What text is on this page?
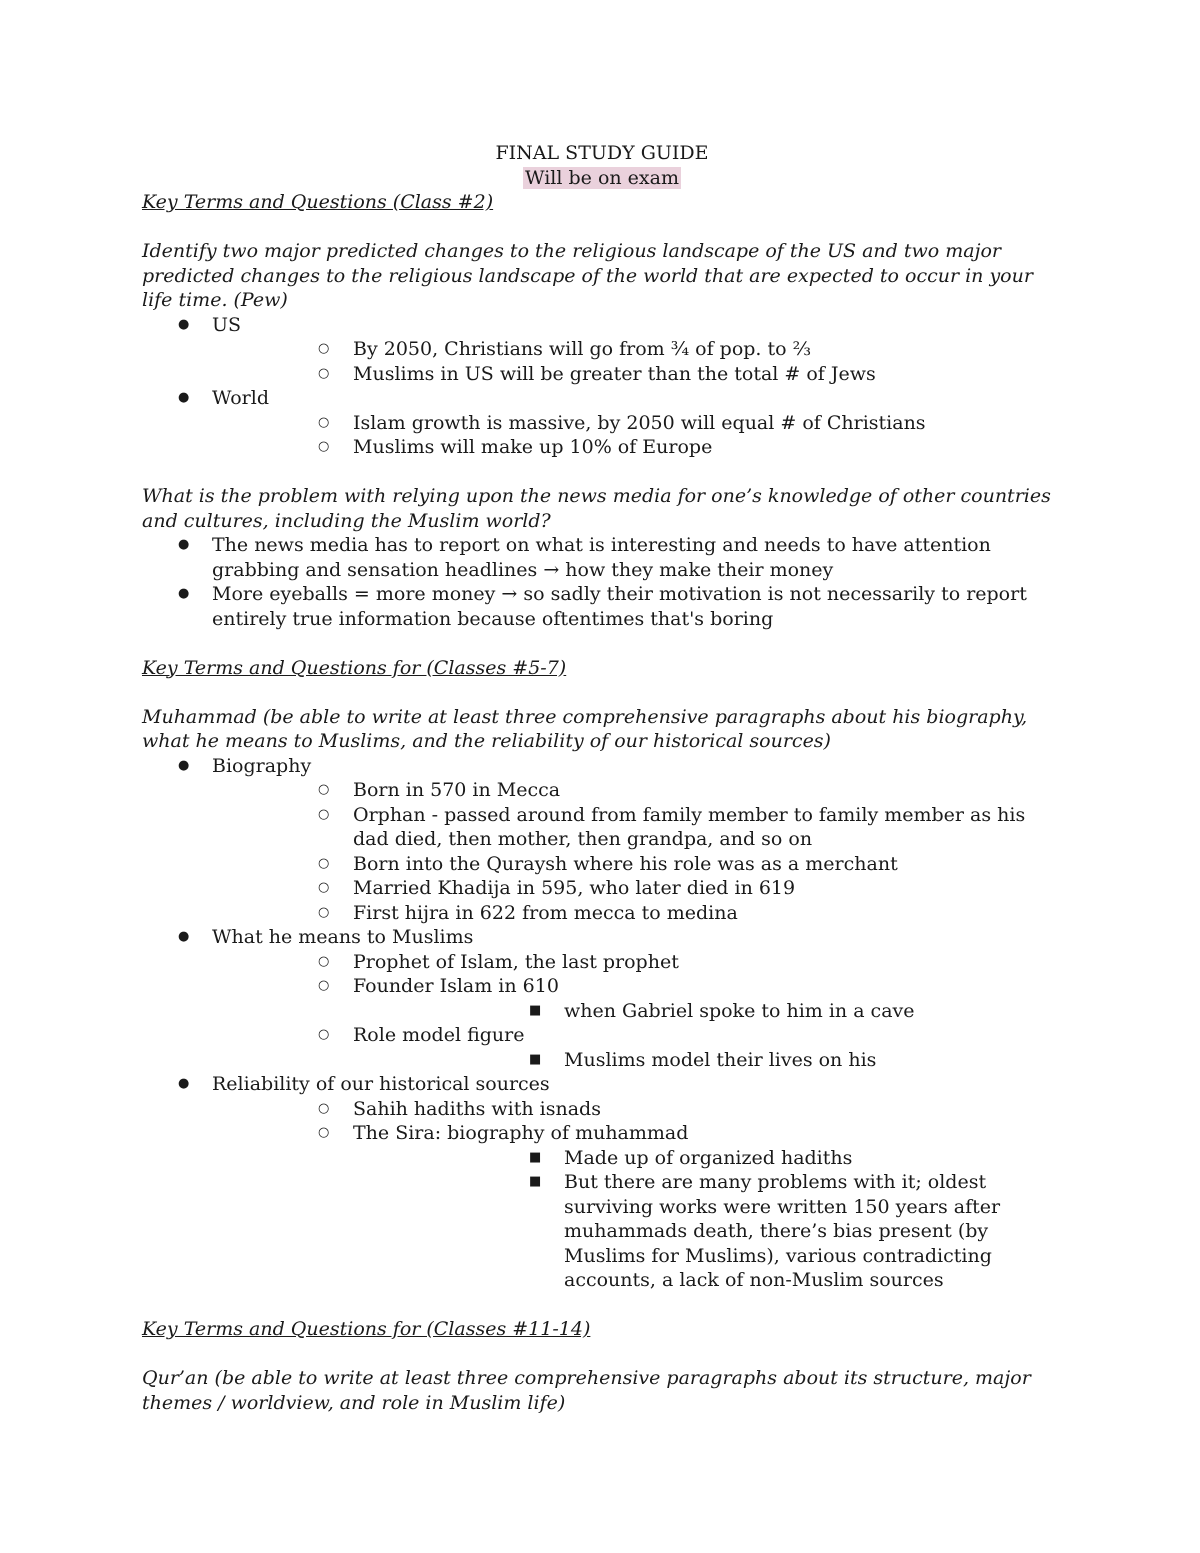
FINAL STUDY GUIDE

Will be on exam

Key Terms and Questions (Class #2)

Identify two major predicted changes to the religious landscape of the US and two major predicted changes to the religious landscape of the world that are expected to occur in your life time. (Pew)

● US
○ By 2050, Christians will go from ¾ of pop. to ⅔
○ Muslims in US will be greater than the total # of Jews
● World
○ Islam growth is massive, by 2050 will equal # of Christians
○ Muslims will make up 10% of Europe

What is the problem with relying upon the news media for one’s knowledge of other countries and cultures, including the Muslim world?

● The news media has to report on what is interesting and needs to have attention grabbing and sensation headlines → how they make their money
● More eyeballs = more money → so sadly their motivation is not necessarily to report entirely true information because oftentimes that's boring

Key Terms and Questions for (Classes #5-7)

Muhammad (be able to write at least three comprehensive paragraphs about his biography, what he means to Muslims, and the reliability of our historical sources)

● Biography
○ Born in 570 in Mecca
○ Orphan - passed around from family member to family member as his dad died, then mother, then grandpa, and so on
○ Born into the Quraysh where his role was as a merchant
○ Married Khadija in 595, who later died in 619
○ First hijra in 622 from mecca to medina
● What he means to Muslims
○ Prophet of Islam, the last prophet
○ Founder Islam in 610
■ when Gabriel spoke to him in a cave
○ Role model figure
■ Muslims model their lives on his
● Reliability of our historical sources
○ Sahih hadiths with isnads
○ The Sira: biography of muhammad
■ Made up of organized hadiths
■ But there are many problems with it; oldest surviving works were written 150 years after muhammads death, there’s bias present (by Muslims for Muslims), various contradicting accounts, a lack of non-Muslim sources

Key Terms and Questions for (Classes #11-14)

Qur’an (be able to write at least three comprehensive paragraphs about its structure, major themes / worldview, and role in Muslim life)
